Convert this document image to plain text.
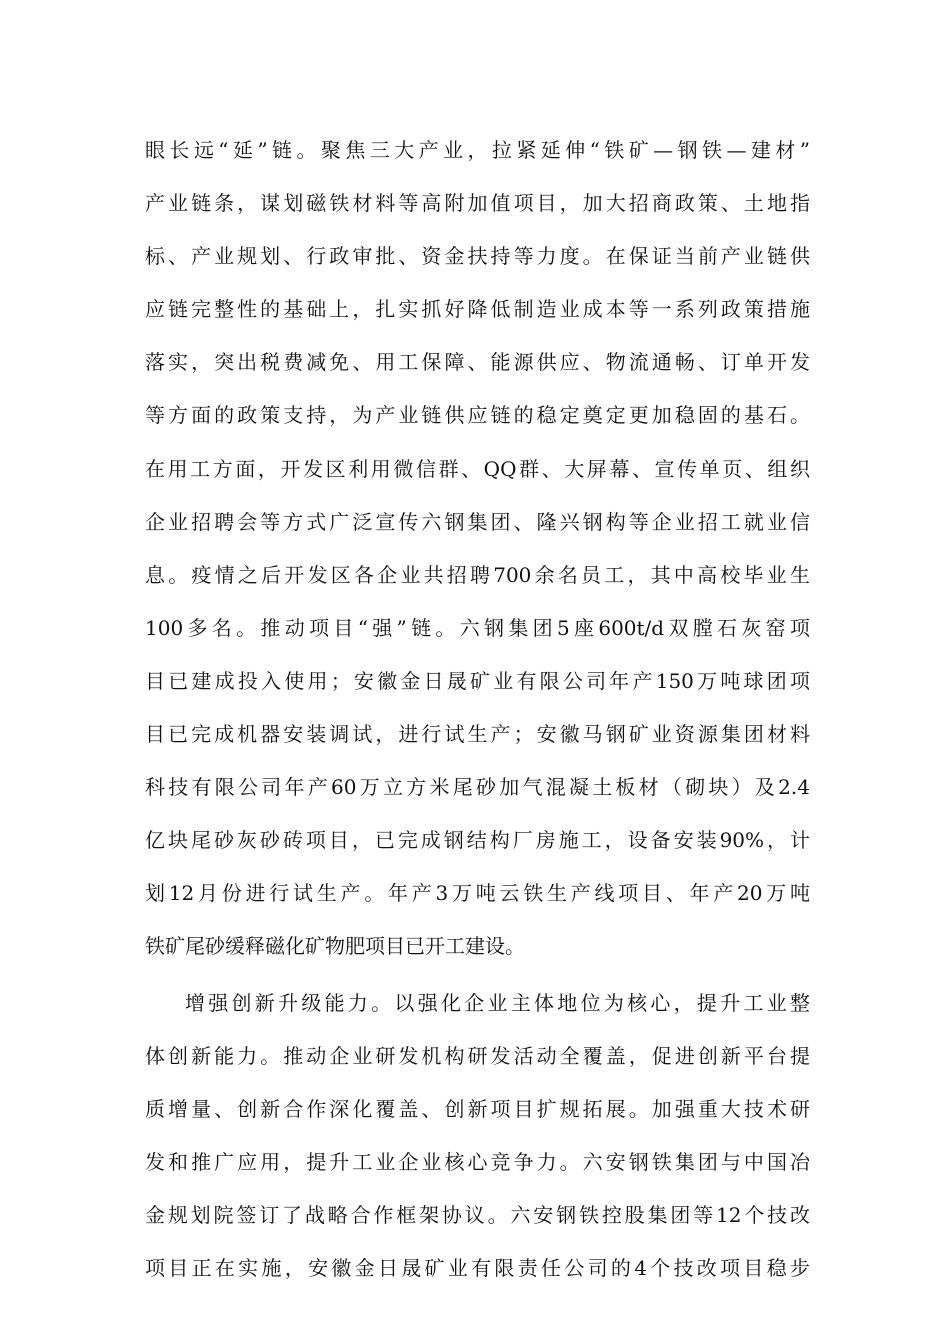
眼长远“延”链。聚焦三大产业，拉紧延伸“铁矿—钢铁—建材”
产业链条，谋划磁铁材料等高附加值项目，加大招商政策、土地指
标、产业规划、行政审批、资金扶持等力度。在保证当前产业链供
应链完整性的基础上，扎实抓好降低制造业成本等一系列政策措施
落实，突出税费减免、用工保障、能源供应、物流通畅、订单开发
等方面的政策支持，为产业链供应链的稳定奠定更加稳固的基石。
在用工方面，开发区利用微信群、QQ群、大屏幕、宣传单页、组织
企业招聘会等方式广泛宣传六钢集团、隆兴钢构等企业招工就业信
息。疫情之后开发区各企业共招聘700余名员工，其中高校毕业生
100多名。推动项目“强”链。六钢集团5座600t/d双膛石灰窑项
目已建成投入使用；安徽金日晟矿业有限公司年产150万吨球团项
目已完成机器安装调试，进行试生产；安徽马钢矿业资源集团材料
科技有限公司年产60万立方米尾砂加气混凝土板材（砌块）及2.4
亿块尾砂灰砂砖项目，已完成钢结构厂房施工，设备安装90%，计
划12月份进行试生产。年产3万吨云铁生产线项目、年产20万吨
铁矿尾砂缓释磁化矿物肥项目已开工建设。
增强创新升级能力。以强化企业主体地位为核心，提升工业整
体创新能力。推动企业研发机构研发活动全覆盖，促进创新平台提
质增量、创新合作深化覆盖、创新项目扩规拓展。加强重大技术研
发和推广应用，提升工业企业核心竞争力。六安钢铁集团与中国冶
金规划院签订了战略合作框架协议。六安钢铁控股集团等12个技改
项目正在实施，安徽金日晟矿业有限责任公司的4个技改项目稳步
